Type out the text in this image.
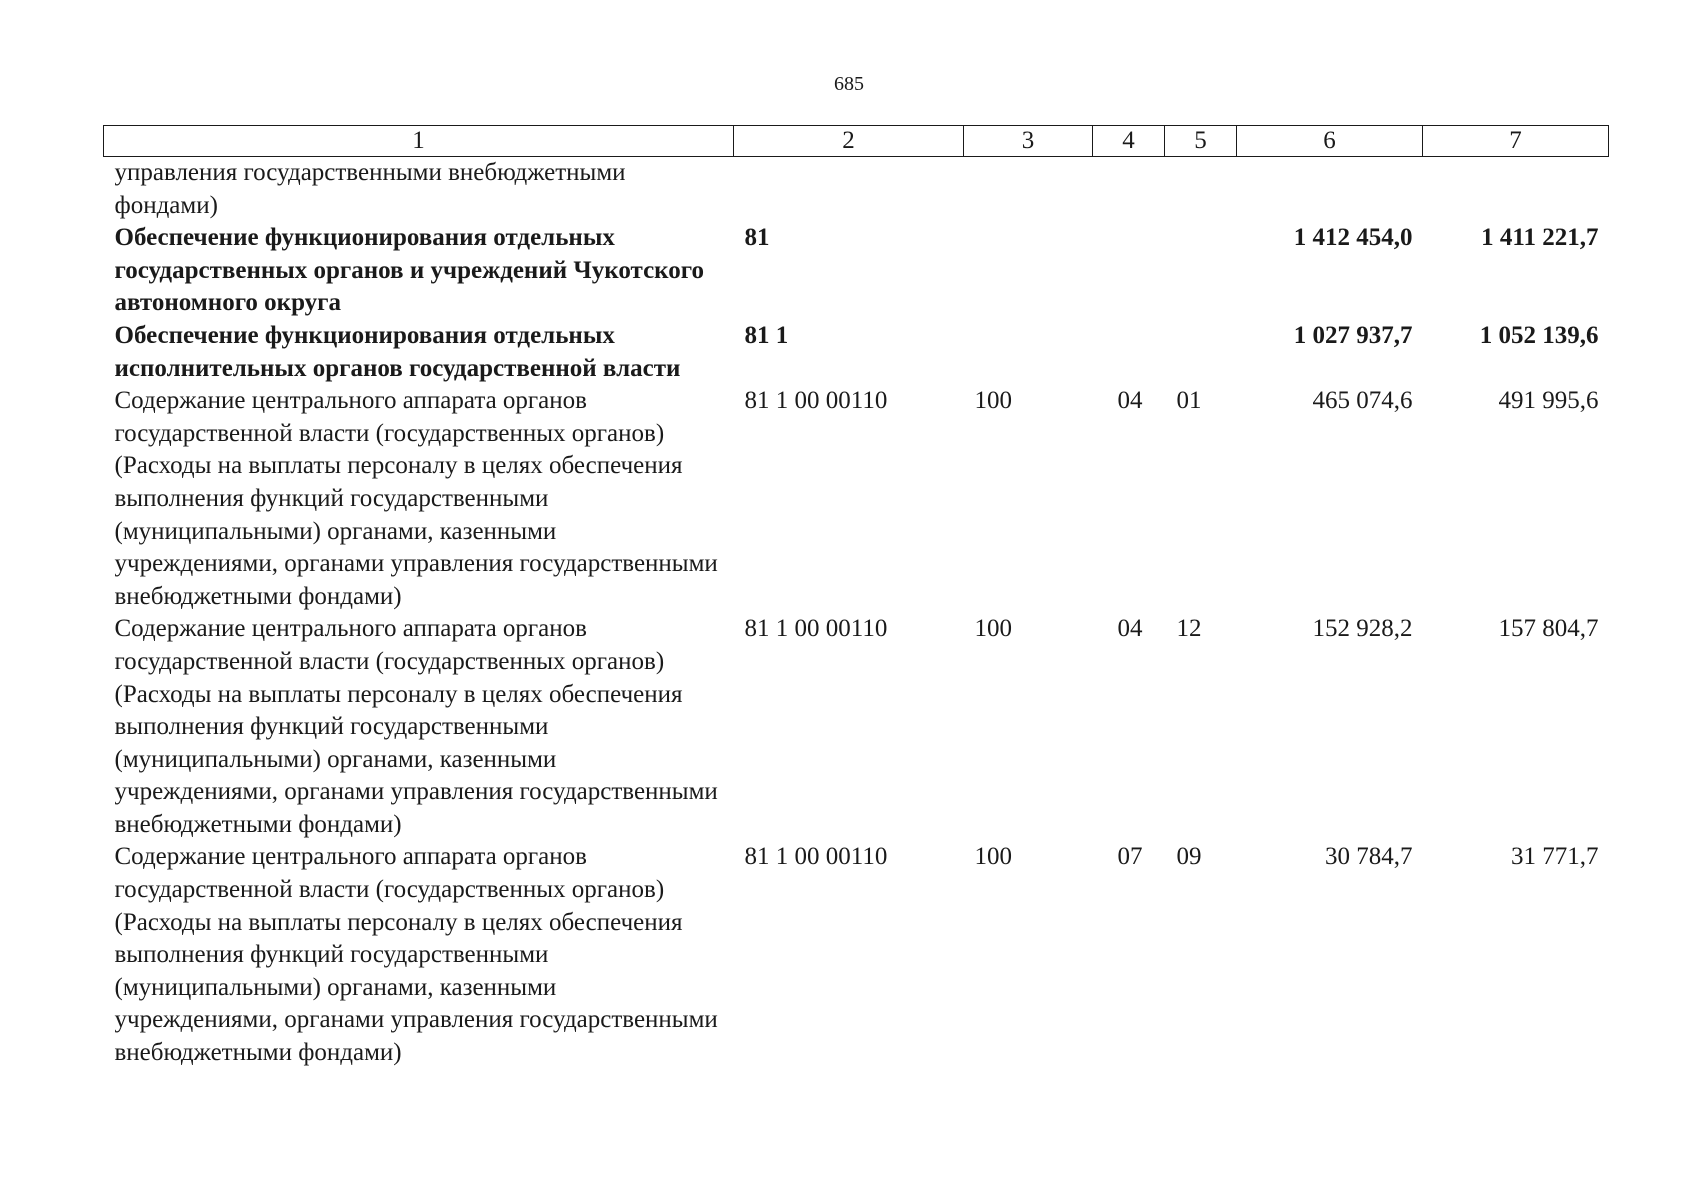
685
1	2	3	4	5	6	7
управления государственными внебюджетными фондами)						
Обеспечение функционирования отдельных государственных органов и учреждений Чукотского автономного округа	81				1 412 454,0	1 411 221,7
Обеспечение функционирования отдельных исполнительных органов государственной власти	81 1				1 027 937,7	1 052 139,6
Содержание центрального аппарата органов государственной власти (государственных органов) (Расходы на выплаты персоналу в целях обеспечения выполнения функций государственными (муниципальными) органами, казенными учреждениями, органами управления государственными внебюджетными фондами)	81 1 00 00110	100	04	01	465 074,6	491 995,6
Содержание центрального аппарата органов государственной власти (государственных органов) (Расходы на выплаты персоналу в целях обеспечения выполнения функций государственными (муниципальными) органами, казенными учреждениями, органами управления государственными внебюджетными фондами)	81 1 00 00110	100	04	12	152 928,2	157 804,7
Содержание центрального аппарата органов государственной власти (государственных органов) (Расходы на выплаты персоналу в целях обеспечения выполнения функций государственными (муниципальными) органами, казенными учреждениями, органами управления государственными внебюджетными фондами)	81 1 00 00110	100	07	09	30 784,7	31 771,7
